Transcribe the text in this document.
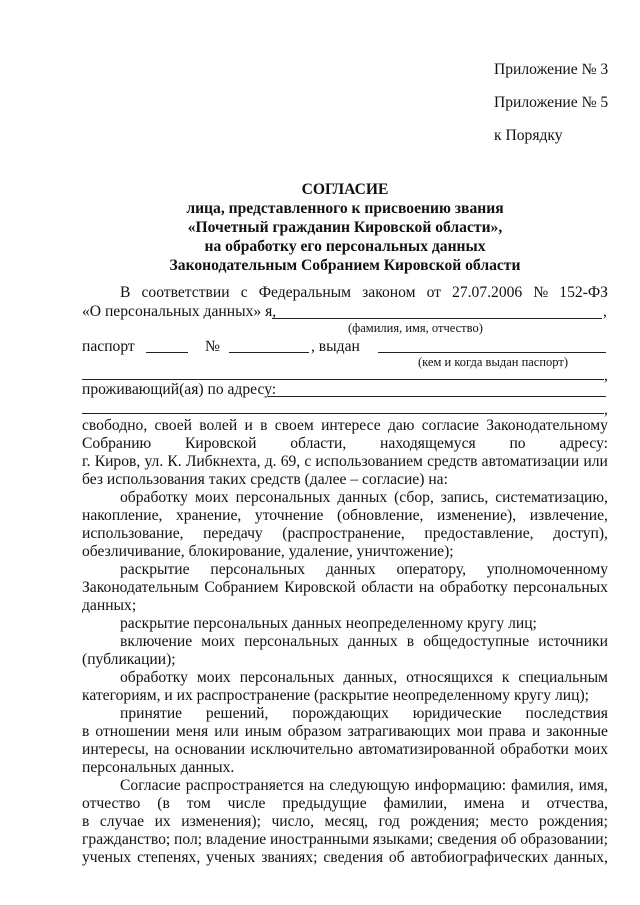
Приложение № 3
Приложение № 5
к Порядку
СОГЛАСИЕ
лица, представленного к присвоению звания
«Почетный гражданин Кировской области»,
на обработку его персональных данных
Законодательным Собранием Кировской области
В соответствии с Федеральным законом от 27.07.2006 № 152-ФЗ
«О персональных данных» я,	,
(фамилия, имя, отчество)
паспорт	№	, выдан
(кем и когда выдан паспорт)
,
проживающий(ая) по адресу:
,
свободно, своей волей и в своем интересе даю согласие Законодательному
Собранию Кировской области, находящемуся по адресу:
г. Киров, ул. К. Либкнехта, д. 69, с использованием средств автоматизации или
без использования таких средств (далее – согласие) на:
обработку моих персональных данных (сбор, запись, систематизацию,
накопление, хранение, уточнение (обновление, изменение), извлечение,
использование, передачу (распространение, предоставление, доступ),
обезличивание, блокирование, удаление, уничтожение);
раскрытие персональных данных оператору, уполномоченному
Законодательным Собранием Кировской области на обработку персональных
данных;
раскрытие персональных данных неопределенному кругу лиц;
включение моих персональных данных в общедоступные источники
(публикации);
обработку моих персональных данных, относящихся к специальным
категориям, и их распространение (раскрытие неопределенному кругу лиц);
принятие решений, порождающих юридические последствия
в отношении меня или иным образом затрагивающих мои права и законные
интересы, на основании исключительно автоматизированной обработки моих
персональных данных.
Согласие распространяется на следующую информацию: фамилия, имя,
отчество (в том числе предыдущие фамилии, имена и отчества,
в случае их изменения); число, месяц, год рождения; место рождения;
гражданство; пол; владение иностранными языками; сведения об образовании;
ученых степенях, ученых званиях; сведения об автобиографических данных,
